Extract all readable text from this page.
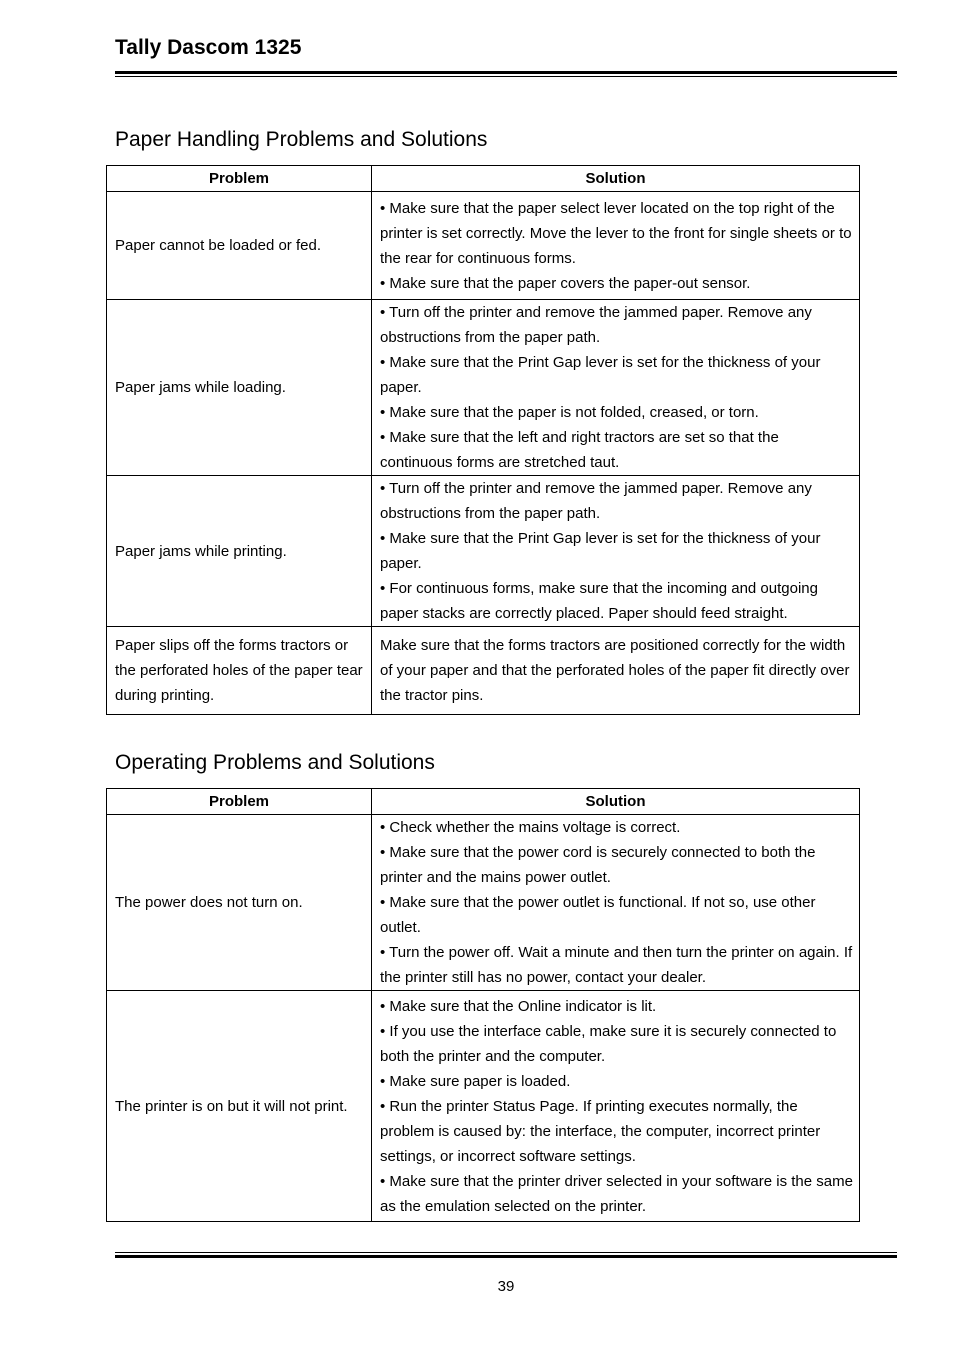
Tally Dascom 1325
Paper Handling Problems and Solutions
Problem	Solution
Paper cannot be loaded or fed.	• Make sure that the paper select lever located on the top right of the printer is set correctly. Move the lever to the front for single sheets or to the rear for continuous forms.
• Make sure that the paper covers the paper-out sensor.

Paper jams while loading.	• Turn off the printer and remove the jammed paper. Remove any obstructions from the paper path.
• Make sure that the Print Gap lever is set for the thickness of your paper.
• Make sure that the paper is not folded, creased, or torn.
• Make sure that the left and right tractors are set so that the continuous forms are stretched taut.

Paper jams while printing.	• Turn off the printer and remove the jammed paper. Remove any obstructions from the paper path.
• Make sure that the Print Gap lever is set for the thickness of your paper.
• For continuous forms, make sure that the incoming and outgoing paper stacks are correctly placed. Paper should feed straight.

Paper slips off the forms tractors or the perforated holes of the paper tear during printing.	Make sure that the forms tractors are positioned correctly for the width of your paper and that the perforated holes of the paper fit directly over the tractor pins.
Operating Problems and Solutions
Problem	Solution
The power does not turn on.	• Check whether the mains voltage is correct.
• Make sure that the power cord is securely connected to both the printer and the mains power outlet.
• Make sure that the power outlet is functional. If not so, use other outlet.
• Turn the power off. Wait a minute and then turn the printer on again. If the printer still has no power, contact your dealer.

The printer is on but it will not print.	• Make sure that the Online indicator is lit.
• If you use the interface cable, make sure it is securely connected to both the printer and the computer.
• Make sure paper is loaded.
• Run the printer Status Page. If printing executes normally, the problem is caused by: the interface, the computer, incorrect printer settings, or incorrect software settings.
• Make sure that the printer driver selected in your software is the same as the emulation selected on the printer.
39
